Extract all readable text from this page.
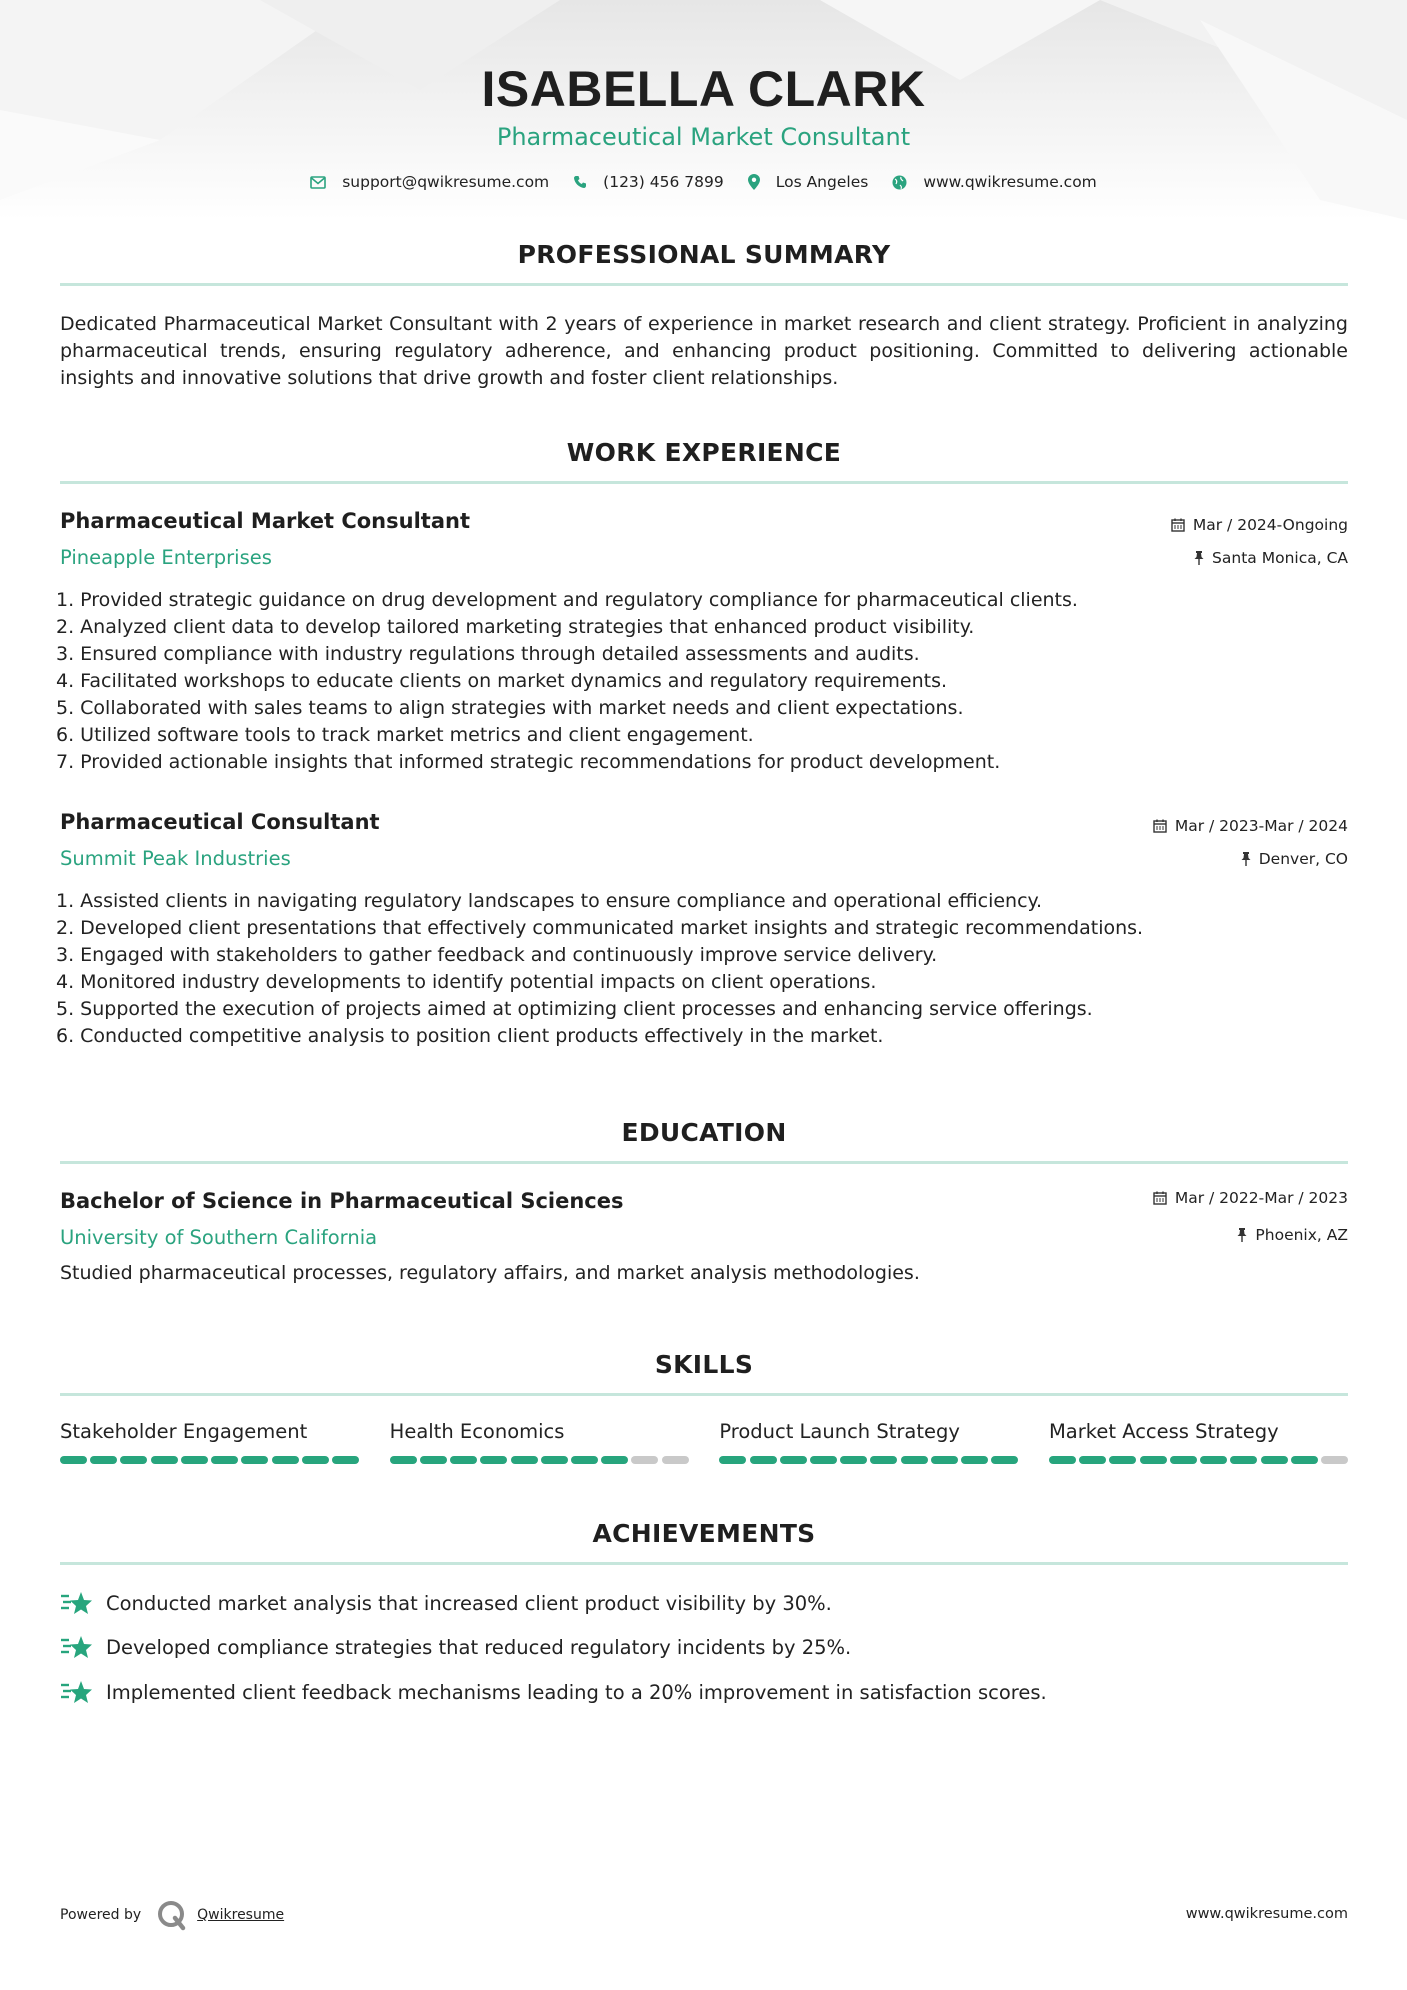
ISABELLA CLARK
Pharmaceutical Market Consultant
support@qwikresume.com	(123) 456 7899	Los Angeles	www.qwikresume.com
PROFESSIONAL SUMMARY
Dedicated Pharmaceutical Market Consultant with 2 years of experience in market research and client strategy. Proficient in analyzing pharmaceutical trends, ensuring regulatory adherence, and enhancing product positioning. Committed to delivering actionable insights and innovative solutions that drive growth and foster client relationships.
WORK EXPERIENCE
Pharmaceutical Market Consultant	Mar / 2024-Ongoing
Pineapple Enterprises	Santa Monica, CA
1. Provided strategic guidance on drug development and regulatory compliance for pharmaceutical clients.
2. Analyzed client data to develop tailored marketing strategies that enhanced product visibility.
3. Ensured compliance with industry regulations through detailed assessments and audits.
4. Facilitated workshops to educate clients on market dynamics and regulatory requirements.
5. Collaborated with sales teams to align strategies with market needs and client expectations.
6. Utilized software tools to track market metrics and client engagement.
7. Provided actionable insights that informed strategic recommendations for product development.
Pharmaceutical Consultant	Mar / 2023-Mar / 2024
Summit Peak Industries	Denver, CO
1. Assisted clients in navigating regulatory landscapes to ensure compliance and operational efficiency.
2. Developed client presentations that effectively communicated market insights and strategic recommendations.
3. Engaged with stakeholders to gather feedback and continuously improve service delivery.
4. Monitored industry developments to identify potential impacts on client operations.
5. Supported the execution of projects aimed at optimizing client processes and enhancing service offerings.
6. Conducted competitive analysis to position client products effectively in the market.
EDUCATION
Bachelor of Science in Pharmaceutical Sciences	Mar / 2022-Mar / 2023
University of Southern California	Phoenix, AZ
Studied pharmaceutical processes, regulatory affairs, and market analysis methodologies.
SKILLS
Stakeholder Engagement	Health Economics	Product Launch Strategy	Market Access Strategy
ACHIEVEMENTS
Conducted market analysis that increased client product visibility by 30%.
Developed compliance strategies that reduced regulatory incidents by 25%.
Implemented client feedback mechanisms leading to a 20% improvement in satisfaction scores.
Powered by	Qwikresume	www.qwikresume.com
